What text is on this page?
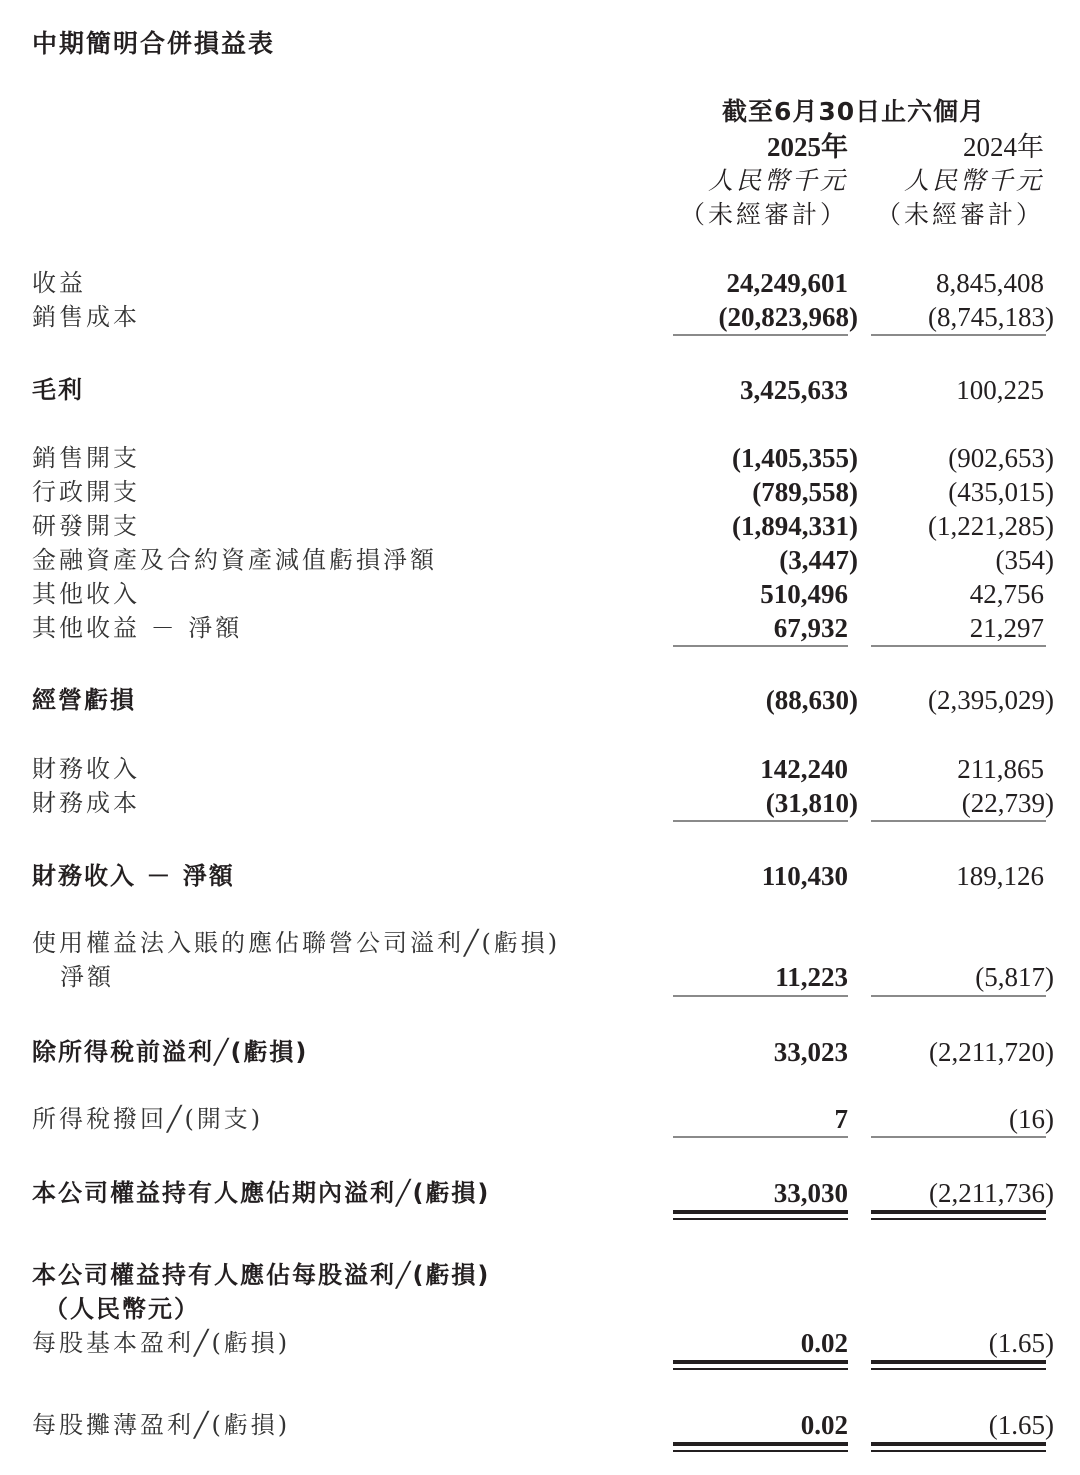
中期簡明合併損益表
截至6月30日止六個月
2025年
人民幣千元
（未經審計）
2024年
人民幣千元
（未經審計）
收益	24,249,601	8,845,408
銷售成本	(20,823,968)	(8,745,183)
毛利	3,425,633	100,225
銷售開支	(1,405,355)	(902,653)
行政開支	(789,558)	(435,015)
研發開支	(1,894,331)	(1,221,285)
金融資產及合約資產減值虧損淨額	(3,447)	(354)
其他收入	510,496	42,756
其他收益 － 淨額	67,932	21,297
經營虧損	(88,630)	(2,395,029)
財務收入	142,240	211,865
財務成本	(31,810)	(22,739)
財務收入 － 淨額	110,430	189,126
使用權益法入賬的應佔聯營公司溢利╱(虧損)
淨額	11,223	(5,817)
除所得稅前溢利╱(虧損)	33,023	(2,211,720)
所得稅撥回╱(開支)	7	(16)
本公司權益持有人應佔期內溢利╱(虧損)	33,030	(2,211,736)
本公司權益持有人應佔每股溢利╱(虧損)
（人民幣元）
每股基本盈利╱(虧損)	0.02	(1.65)
每股攤薄盈利╱(虧損)	0.02	(1.65)
